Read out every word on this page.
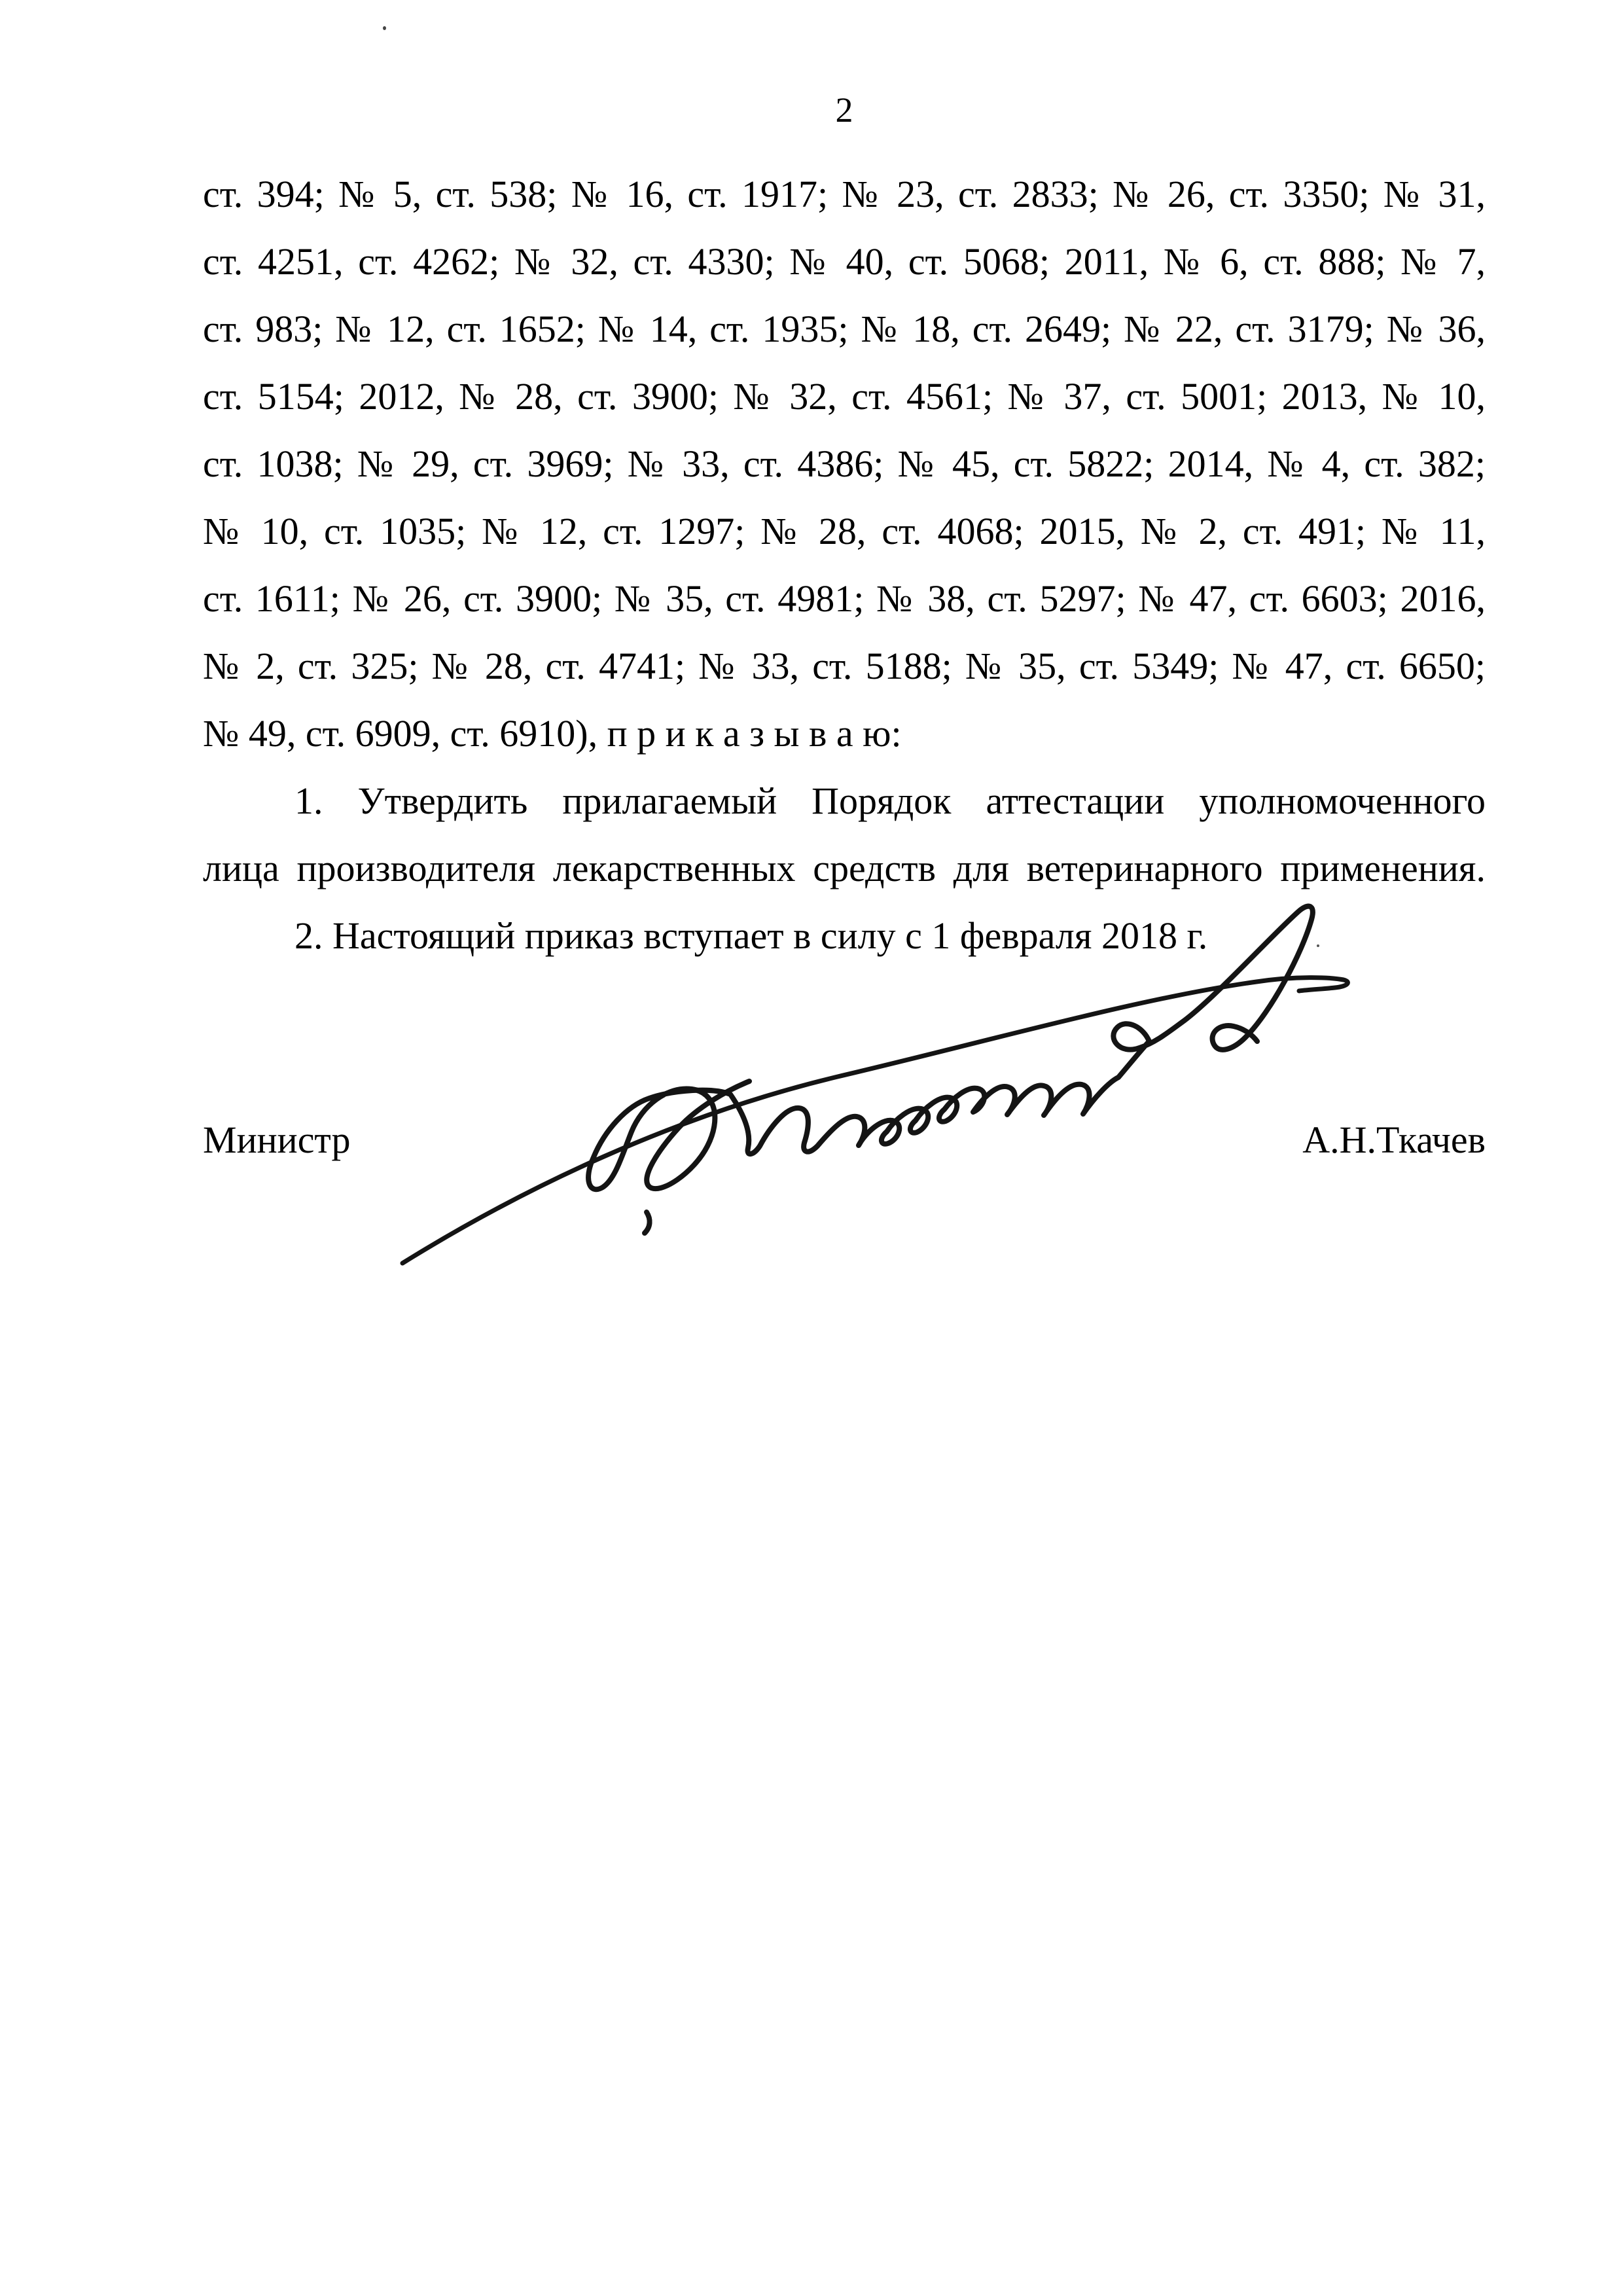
2
ст. 394; № 5, ст. 538; № 16, ст. 1917; № 23, ст. 2833; № 26, ст. 3350; № 31,
ст. 4251, ст. 4262; № 32, ст. 4330; № 40, ст. 5068; 2011, № 6, ст. 888; № 7,
ст. 983; № 12, ст. 1652; № 14, ст. 1935; № 18, ст. 2649; № 22, ст. 3179; № 36,
ст. 5154; 2012, № 28, ст. 3900; № 32, ст. 4561; № 37, ст. 5001; 2013, № 10,
ст. 1038; № 29, ст. 3969; № 33, ст. 4386; № 45, ст. 5822; 2014, № 4, ст. 382;
№ 10, ст. 1035; № 12, ст. 1297; № 28, ст. 4068; 2015, № 2, ст. 491; № 11,
ст. 1611; № 26, ст. 3900; № 35, ст. 4981; № 38, ст. 5297; № 47, ст. 6603; 2016,
№ 2, ст. 325; № 28, ст. 4741; № 33, ст. 5188; № 35, ст. 5349; № 47, ст. 6650;
№ 49, ст. 6909, ст. 6910), п р и к а з ы в а ю:
1. Утвердить прилагаемый Порядок аттестации уполномоченного
лица производителя лекарственных средств для ветеринарного применения.
2. Настоящий приказ вступает в силу с 1 февраля 2018 г.
Министр	А.Н.Ткачев
